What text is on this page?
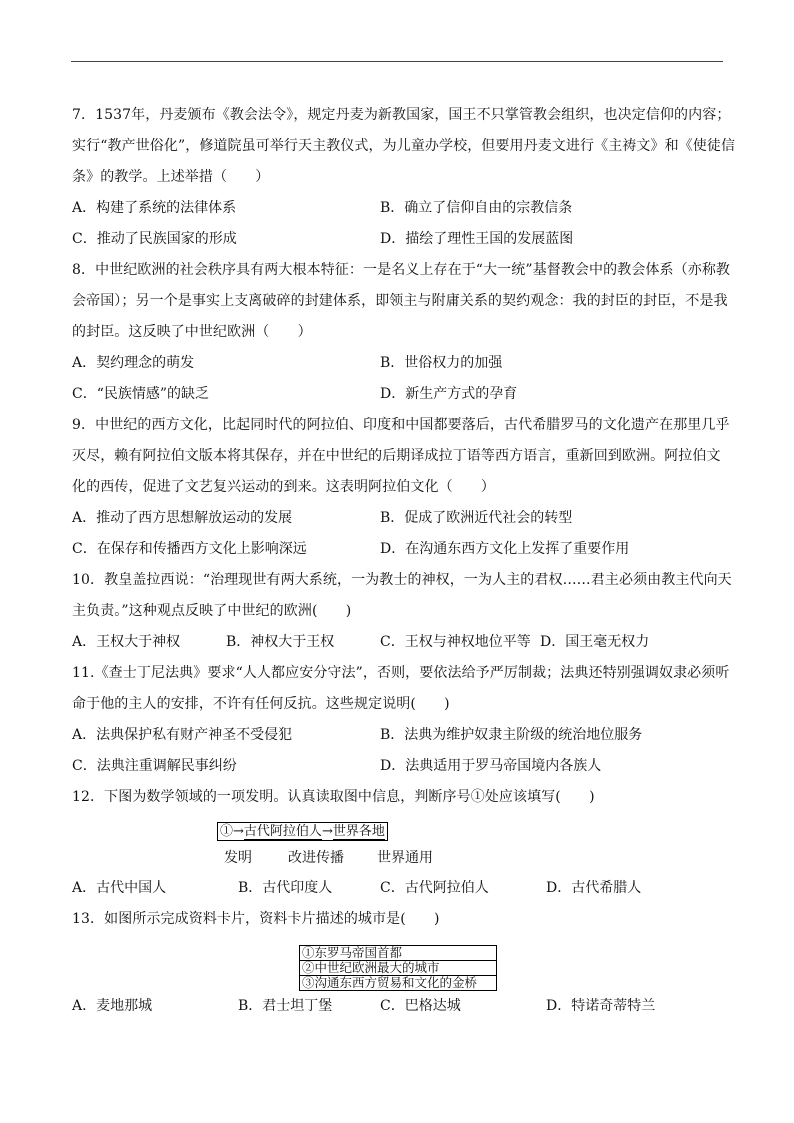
7．1537年，丹麦颁布《教会法令》，规定丹麦为新教国家，国王不只掌管教会组织，也决定信仰的内容；
实行“教产世俗化”，修道院虽可举行天主教仪式，为儿童办学校，但要用丹麦文进行《主祷文》和《使徒信
条》的教学。上述举措（　　）
A．构建了系统的法律体系	B．确立了信仰自由的宗教信条
C．推动了民族国家的形成	D．描绘了理性王国的发展蓝图
8．中世纪欧洲的社会秩序具有两大根本特征：一是名义上存在于“大一统”基督教会中的教会体系（亦称教
会帝国）；另一个是事实上支离破碎的封建体系，即领主与附庸关系的契约观念：我的封臣的封臣，不是我
的封臣。这反映了中世纪欧洲（　　）
A．契约理念的萌发	B．世俗权力的加强
C．“民族情感”的缺乏	D．新生产方式的孕育
9．中世纪的西方文化，比起同时代的阿拉伯、印度和中国都要落后，古代希腊罗马的文化遗产在那里几乎
灭尽，赖有阿拉伯文版本将其保存，并在中世纪的后期译成拉丁语等西方语言，重新回到欧洲。阿拉伯文
化的西传，促进了文艺复兴运动的到来。这表明阿拉伯文化（　　）
A．推动了西方思想解放运动的发展	B．促成了欧洲近代社会的转型
C．在保存和传播西方文化上影响深远	D．在沟通东西方文化上发挥了重要作用
10．教皇盖拉西说：“治理现世有两大系统，一为教士的神权，一为人主的君权……君主必须由教主代向天
主负责。”这种观点反映了中世纪的欧洲(　　)
A．王权大于神权	B．神权大于王权	C．王权与神权地位平等 D．国王毫无权力
11.《查士丁尼法典》要求“人人都应安分守法”，否则，要依法给予严厉制裁；法典还特别强调奴隶必须听
命于他的主人的安排，不许有任何反抗。这些规定说明(　　)
A．法典保护私有财产神圣不受侵犯	B．法典为维护奴隶主阶级的统治地位服务
C．法典注重调解民事纠纷	D．法典适用于罗马帝国境内各族人
12．下图为数学领域的一项发明。认真读取图中信息，判断序号①处应该填写(　　)
①→古代阿拉伯人→世界各地
发明	改进传播 世界通用
A．古代中国人	B．古代印度人	C．古代阿拉伯人	D．古代希腊人
13．如图所示完成资料卡片，资料卡片描述的城市是(　　)
①东罗马帝国首都
②中世纪欧洲最大的城市
③沟通东西方贸易和文化的金桥
A．麦地那城	B．君士坦丁堡	C．巴格达城	D．特诺奇蒂特兰
